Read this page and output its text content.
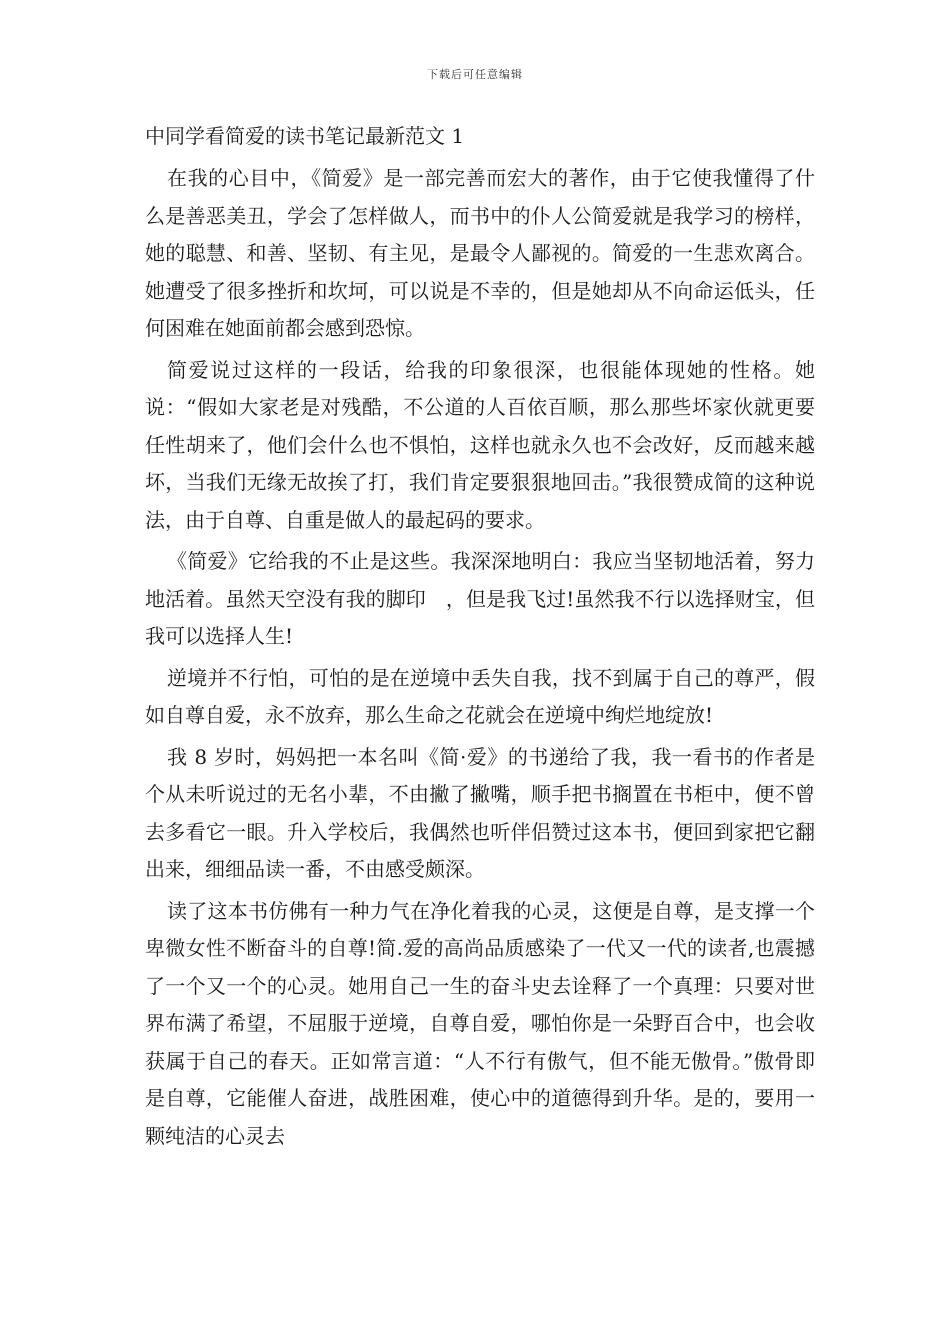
下载后可任意编辑
中同学看简爱的读书笔记最新范文 1

在我的心目中，《简爱》是一部完善而宏大的著作，由于它使我懂得了什么是善恶美丑，学会了怎样做人，而书中的仆人公简爱就是我学习的榜样，她的聪慧、和善、坚韧、有主见，是最令人鄙视的。简爱的一生悲欢离合。她遭受了很多挫折和坎坷，可以说是不幸的，但是她却从不向命运低头，任何困难在她面前都会感到恐惊。

简爱说过这样的一段话，给我的印象很深，也很能体现她的性格。她说：“假如大家老是对残酷，不公道的人百依百顺，那么那些坏家伙就更要任性胡来了，他们会什么也不惧怕，这样也就永久也不会改好，反而越来越坏，当我们无缘无故挨了打，我们肯定要狠狠地回击。”我很赞成简的这种说法，由于自尊、自重是做人的最起码的要求。

《简爱》它给我的不止是这些。我深深地明白：我应当坚韧地活着，努力地活着。虽然天空没有我的脚印　，但是我飞过!虽然我不行以选择财宝，但我可以选择人生!

逆境并不行怕，可怕的是在逆境中丢失自我，找不到属于自己的尊严，假如自尊自爱，永不放弃，那么生命之花就会在逆境中绚烂地绽放!

我 8 岁时，妈妈把一本名叫《简·爱》的书递给了我，我一看书的作者是个从未听说过的无名小辈，不由撇了撇嘴，顺手把书搁置在书柜中，便不曾去多看它一眼。升入学校后，我偶然也听伴侣赞过这本书，便回到家把它翻出来，细细品读一番，不由感受颇深。

读了这本书仿佛有一种力气在净化着我的心灵，这便是自尊，是支撑一个卑微女性不断奋斗的自尊!简.爱的高尚品质感染了一代又一代的读者,也震撼了一个又一个的心灵。她用自己一生的奋斗史去诠释了一个真理：只要对世界布满了希望，不屈服于逆境，自尊自爱，哪怕你是一朵野百合中，也会收获属于自己的春天。正如常言道：“人不行有傲气，但不能无傲骨。”傲骨即是自尊，它能催人奋进，战胜困难，使心中的道德得到升华。是的，要用一颗纯洁的心灵去
